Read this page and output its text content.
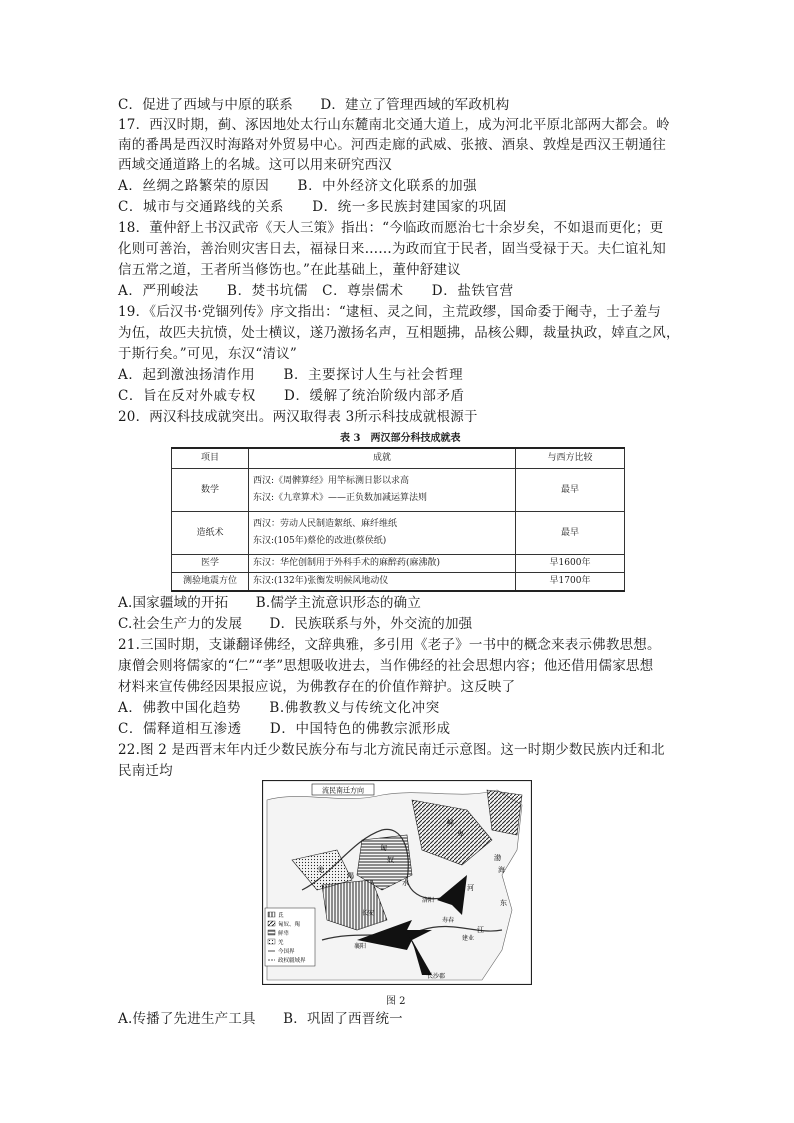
C．促进了西域与中原的联系　　D．建立了管理西域的军政机构
17．西汉时期，蓟、涿因地处太行山东麓南北交通大道上，成为河北平原北部两大都会。岭
南的番禺是西汉时海路对外贸易中心。河西走廊的武威、张掖、酒泉、敦煌是西汉王朝通往
西域交通道路上的名城。这可以用来研究西汉
A．丝绸之路繁荣的原因　　B．中外经济文化联系的加强
C．城市与交通路线的关系　　D．统一多民族封建国家的巩固
18．董仲舒上书汉武帝《天人三策》指出：“今临政而愿治七十余岁矣，不如退而更化；更
化则可善治，善治则灾害日去，福禄日来……为政而宜于民者，固当受禄于天。夫仁谊礼知
信五常之道，王者所当修饬也。”在此基础上，董仲舒建议
A．严刑峻法　　B．焚书坑儒　C．尊崇儒术　　D．盐铁官营
19．《后汉书·党锢列传》序文指出：“逮桓、灵之间，主荒政缪，国命委于阉寺，士子羞与
为伍，故匹夫抗愤，处士横议，遂乃激扬名声，互相题拂，品核公卿，裁量执政，婞直之风，
于斯行矣。”可见，东汉“清议”
A．起到激浊扬清作用　　B．主要探讨人生与社会哲理
C．旨在反对外戚专权　　D．缓解了统治阶级内部矛盾
20．两汉科技成就突出。两汉取得表 3所示科技成就根源于
表 3　两汉部分科技成就表
项目	成就	与西方比较
数学	西汉:《周髀算经》用竿标测日影以求高
东汉:《九章算术》——正负数加减运算法则	最早
造纸术	西汉：劳动人民制造絮纸、麻纤维纸
东汉:(105年)蔡伦的改进(蔡侯纸)	最早
医学	东汉：华佗创制用于外科手术的麻醉药(麻沸散)	早1600年
测验地震方位	东汉:(132年)张衡发明候风地动仪	早1700年
A.国家疆域的开拓　　B.儒学主流意识形态的确立
C.社会生产力的发展　　D．民族联系与外，外交流的加强
21.三国时期，支谦翻译佛经，文辞典雅，多引用《老子》一书中的概念来表示佛教思想。
康僧会则将儒家的“仁”“孝”思想吸收进去，当作佛经的社会思想内容；他还借用儒家思想
材料来宣传佛经因果报应说，为佛教存在的价值作辩护。这反映了
A．佛教中国化趋势　　B.佛教教义与传统文化冲突
C．儒释道相互渗透　　D．中国特色的佛教宗派形成
22.图 2 是西晋末年内迁少数民族分布与北方流民南迁示意图。这一时期少数民族内迁和北
民南迁均
流民南迁方向
氐
匈奴、羯
鲜卑
羌
今国界
政权疆域界
鲜
卑
匈
奴
羯
长安
洛阳
襄阳
寿春
建业
长沙郡
渤
海
东
水
河
江
羌
图 2
A.传播了先进生产工具　　B．巩固了西晋统一
